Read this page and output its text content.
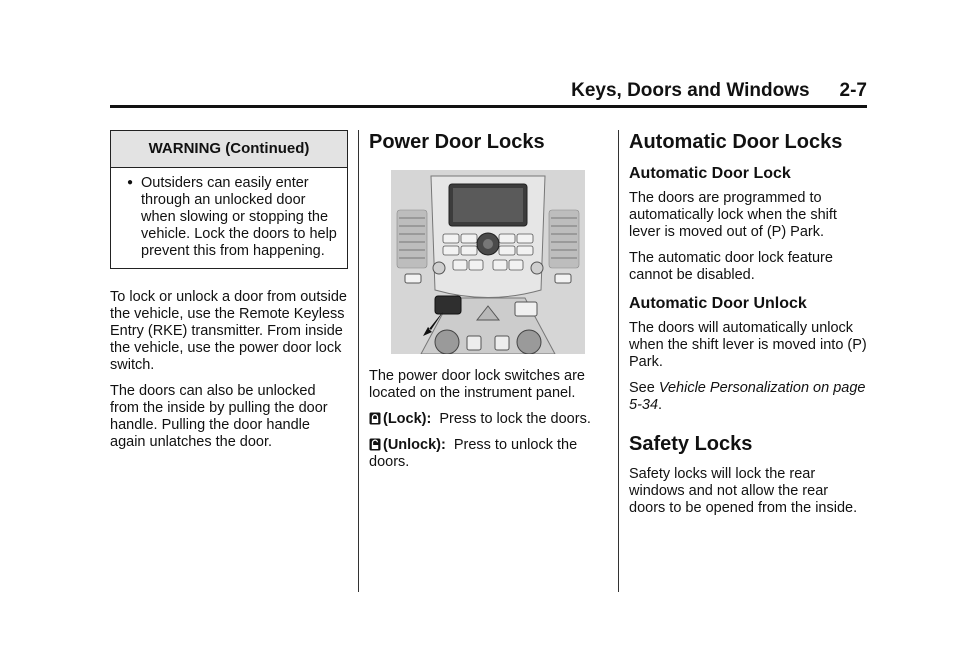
Keys, Doors and Windows 2-7
WARNING (Continued)
● Outsiders can easily enter through an unlocked door when slowing or stopping the vehicle. Lock the doors to help prevent this from happening.

To lock or unlock a door from outside the vehicle, use the Remote Keyless Entry (RKE) transmitter. From inside the vehicle, use the power door lock switch.

The doors can also be unlocked from the inside by pulling the door handle. Pulling the door handle again unlatches the door.

Power Door Locks

The power door lock switches are located on the instrument panel.

(Lock): Press to lock the doors.

(Unlock): Press to unlock the doors.

Automatic Door Locks
Automatic Door Lock

The doors are programmed to automatically lock when the shift lever is moved out of (P) Park.

The automatic door lock feature cannot be disabled.

Automatic Door Unlock

The doors will automatically unlock when the shift lever is moved into (P) Park.

See Vehicle Personalization on page 5-34.

Safety Locks

Safety locks will lock the rear windows and not allow the rear doors to be opened from the inside.
